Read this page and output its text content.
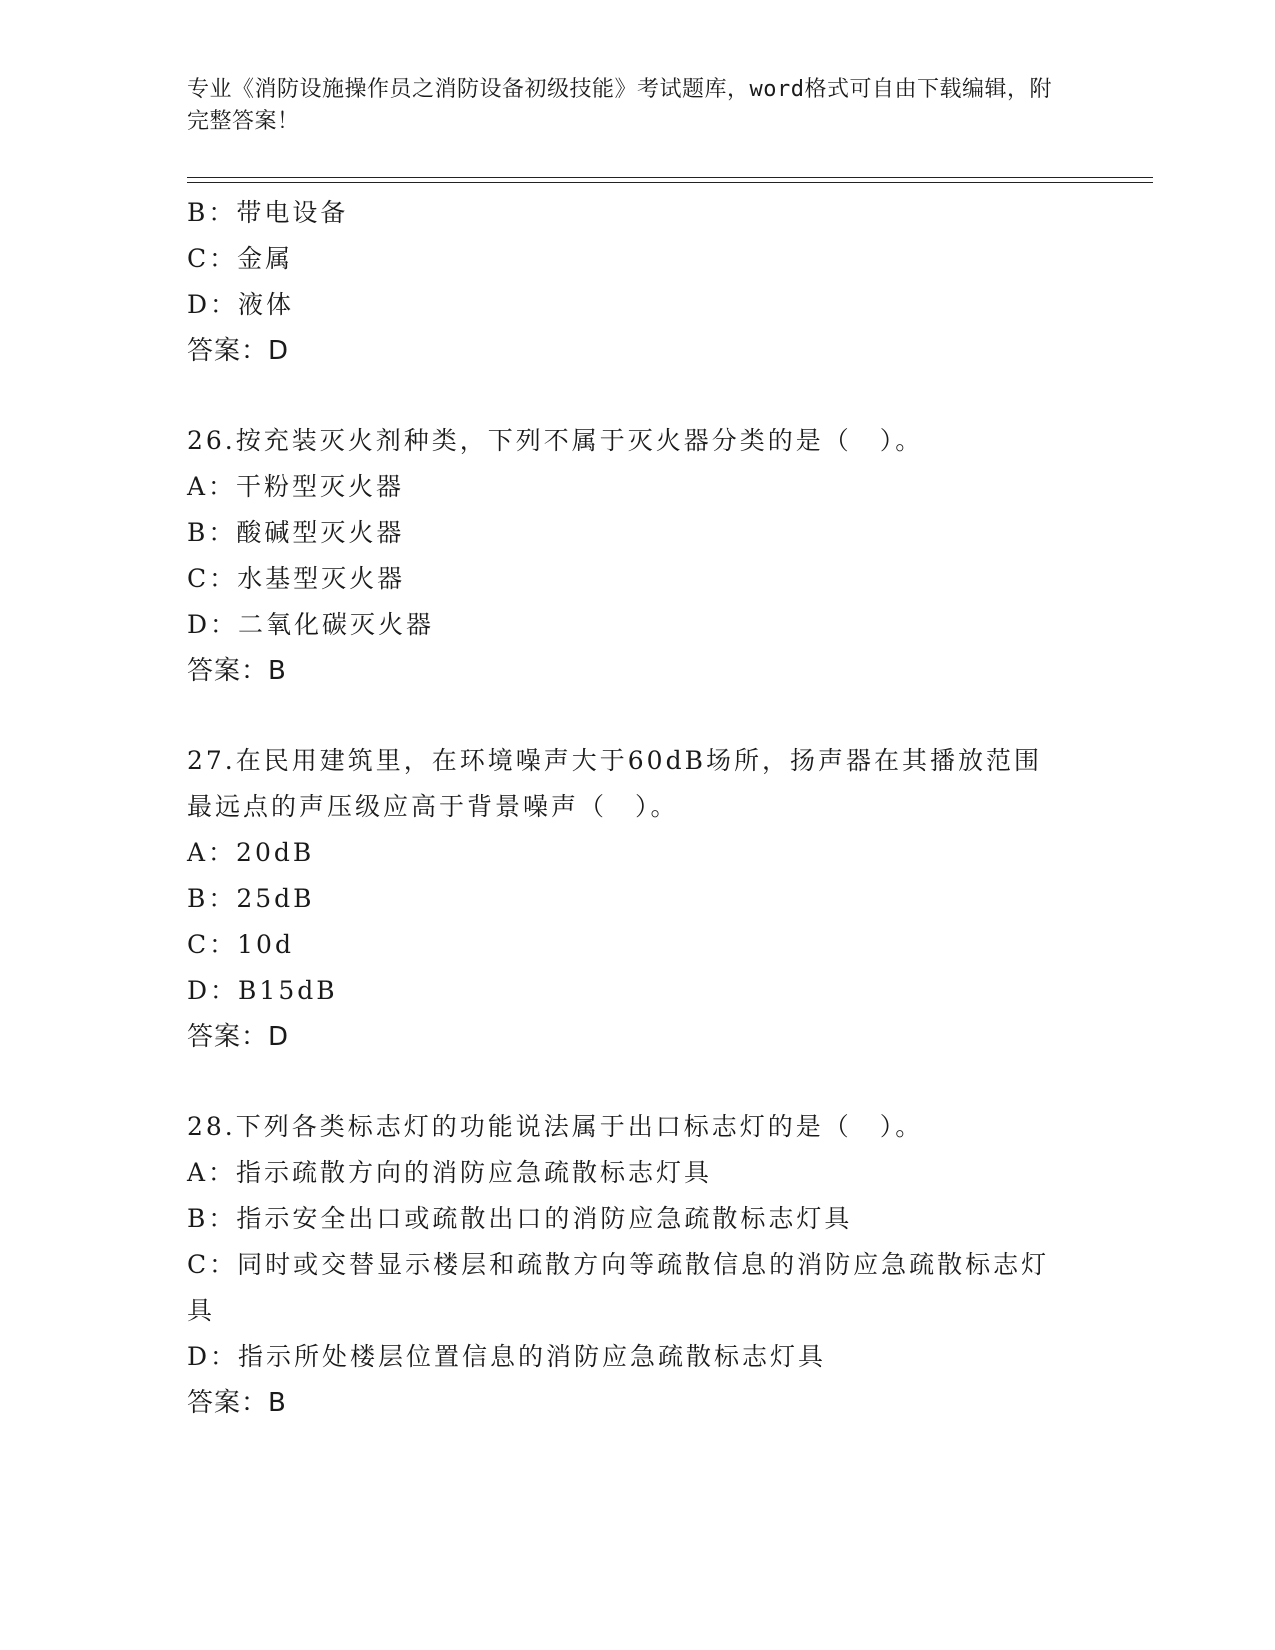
专业《消防设施操作员之消防设备初级技能》考试题库，word格式可自由下载编辑，附完整答案！
B：带电设备
C：金属
D：液体
答案：D
26.按充装灭火剂种类，下列不属于灭火器分类的是（　）。
A：干粉型灭火器
B：酸碱型灭火器
C：水基型灭火器
D：二氧化碳灭火器
答案：B
27.在民用建筑里，在环境噪声大于60dB场所，扬声器在其播放范围最远点的声压级应高于背景噪声（　）。
A：20dB
B：25dB
C：10d
D：B15dB
答案：D
28.下列各类标志灯的功能说法属于出口标志灯的是（　）。
A：指示疏散方向的消防应急疏散标志灯具
B：指示安全出口或疏散出口的消防应急疏散标志灯具
C：同时或交替显示楼层和疏散方向等疏散信息的消防应急疏散标志灯具
D：指示所处楼层位置信息的消防应急疏散标志灯具
答案：B
